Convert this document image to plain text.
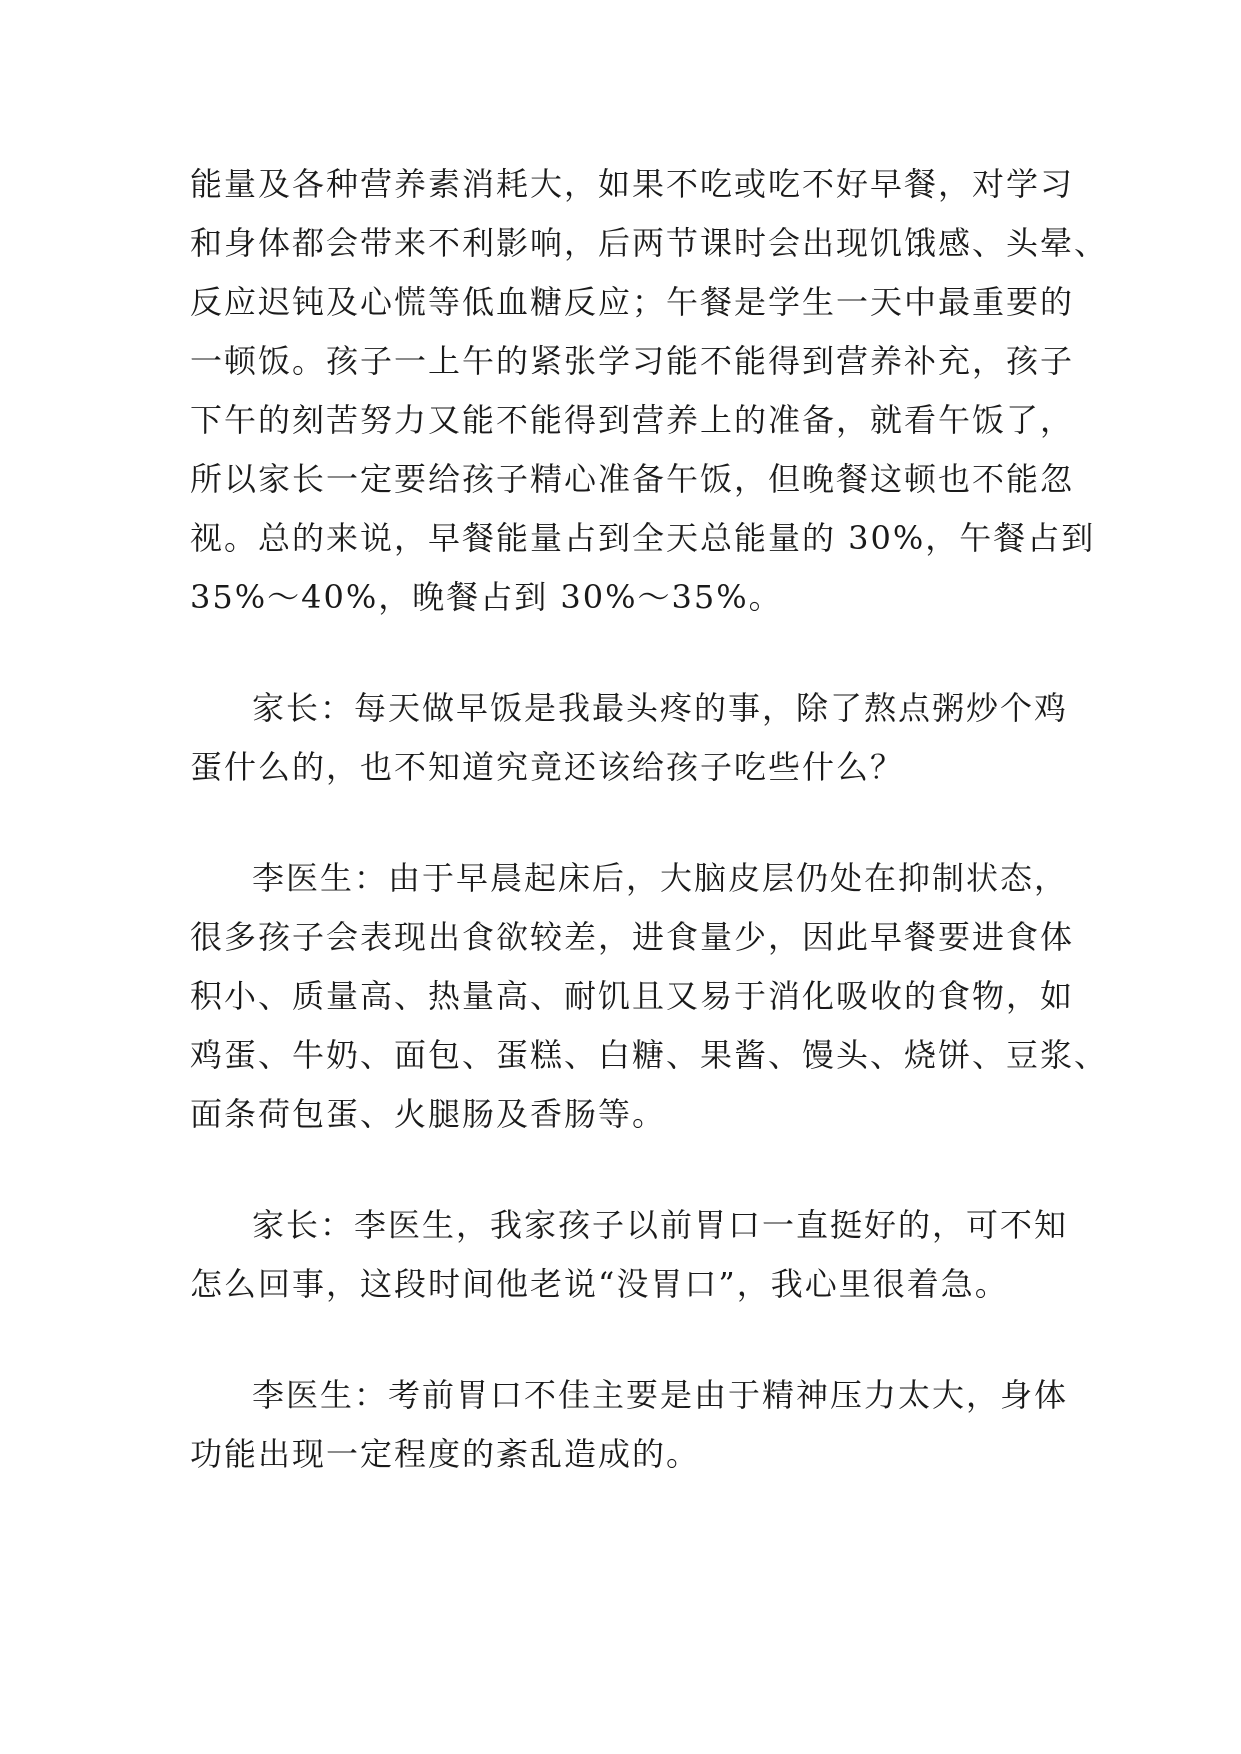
能量及各种营养素消耗大，如果不吃或吃不好早餐，对学习
和身体都会带来不利影响，后两节课时会出现饥饿感、头晕、
反应迟钝及心慌等低血糖反应；午餐是学生一天中最重要的
一顿饭。孩子一上午的紧张学习能不能得到营养补充，孩子
下午的刻苦努力又能不能得到营养上的准备，就看午饭了，
所以家长一定要给孩子精心准备午饭，但晚餐这顿也不能忽
视。总的来说，早餐能量占到全天总能量的 30%，午餐占到
35%～40%，晚餐占到 30%～35%。
家长：每天做早饭是我最头疼的事，除了熬点粥炒个鸡
蛋什么的，也不知道究竟还该给孩子吃些什么？
李医生：由于早晨起床后，大脑皮层仍处在抑制状态，
很多孩子会表现出食欲较差，进食量少，因此早餐要进食体
积小、质量高、热量高、耐饥且又易于消化吸收的食物，如
鸡蛋、牛奶、面包、蛋糕、白糖、果酱、馒头、烧饼、豆浆、
面条荷包蛋、火腿肠及香肠等。
家长：李医生，我家孩子以前胃口一直挺好的，可不知
怎么回事，这段时间他老说“没胃口”，我心里很着急。
李医生：考前胃口不佳主要是由于精神压力太大，身体
功能出现一定程度的紊乱造成的。
